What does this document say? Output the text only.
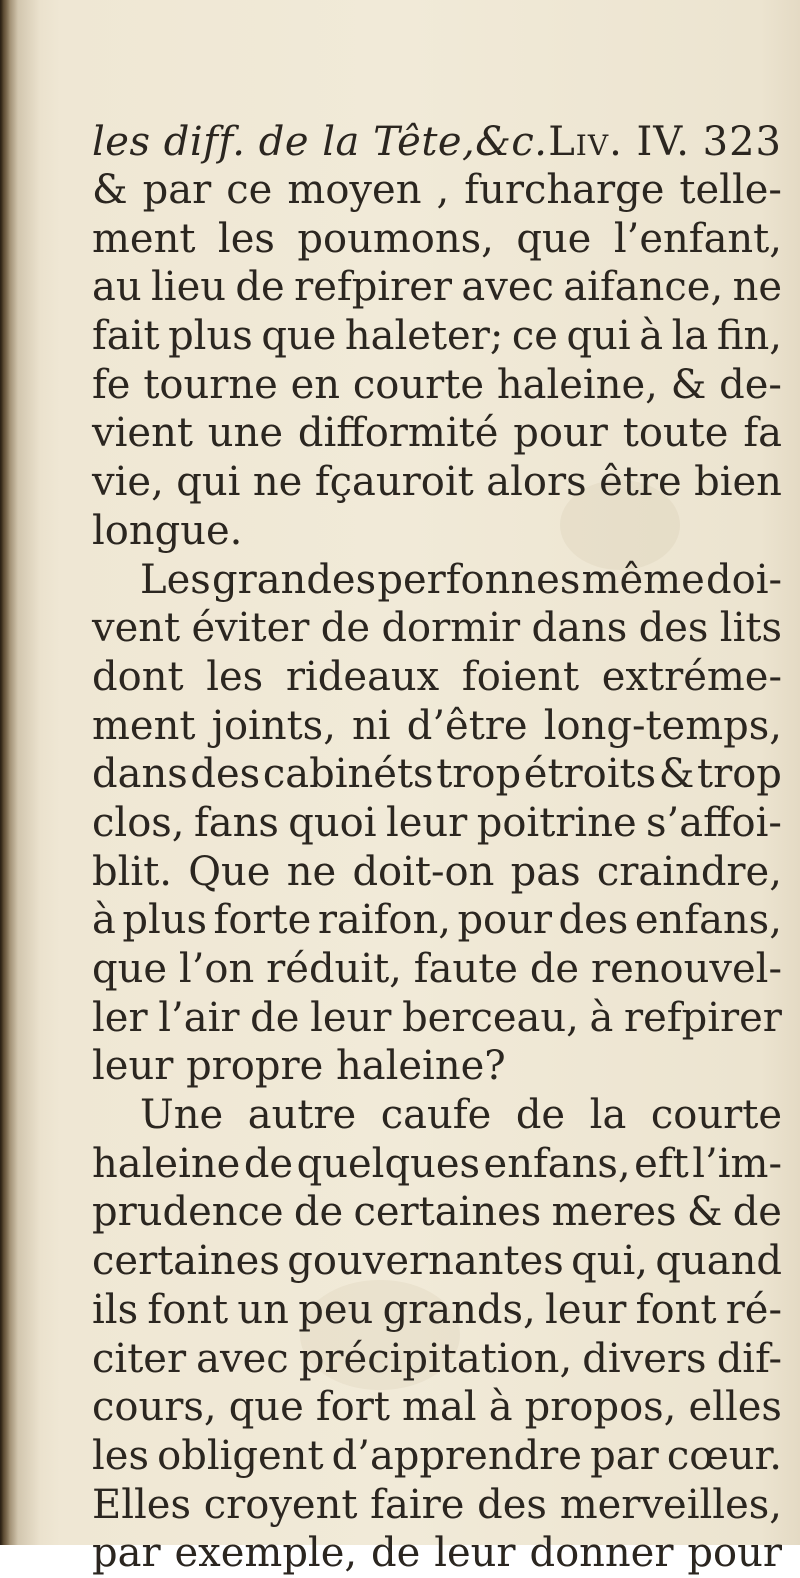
les diff. de la Tête,&c. Liv. IV. 323
& par ce moyen , furcharge telle-
ment les poumons, que l’enfant,
au lieu de refpirer avec aifance, ne
fait plus que haleter; ce qui à la fin,
fe tourne en courte haleine, & de-
vient une difformité pour toute fa
vie, qui ne fçauroit alors être bien
longue.
Les grandes perfonnes même doi-
vent éviter de dormir dans des lits
dont les rideaux foient extréme-
ment joints, ni d’être long-temps,
dans des cabinéts trop étroits & trop
clos, fans quoi leur poitrine s’affoi-
blit. Que ne doit-on pas craindre,
à plus forte raifon, pour des enfans,
que l’on réduit, faute de renouvel-
ler l’air de leur berceau, à refpirer
leur propre haleine?
Une autre caufe de la courte
haleine de quelques enfans, eft l’im-
prudence de certaines meres & de
certaines gouvernantes qui, quand
ils font un peu grands, leur font ré-
citer avec précipitation, divers dif-
cours, que fort mal à propos, elles
les obligent d’apprendre par cœur.
Elles croyent faire des merveilles,
par exemple, de leur donner pour
